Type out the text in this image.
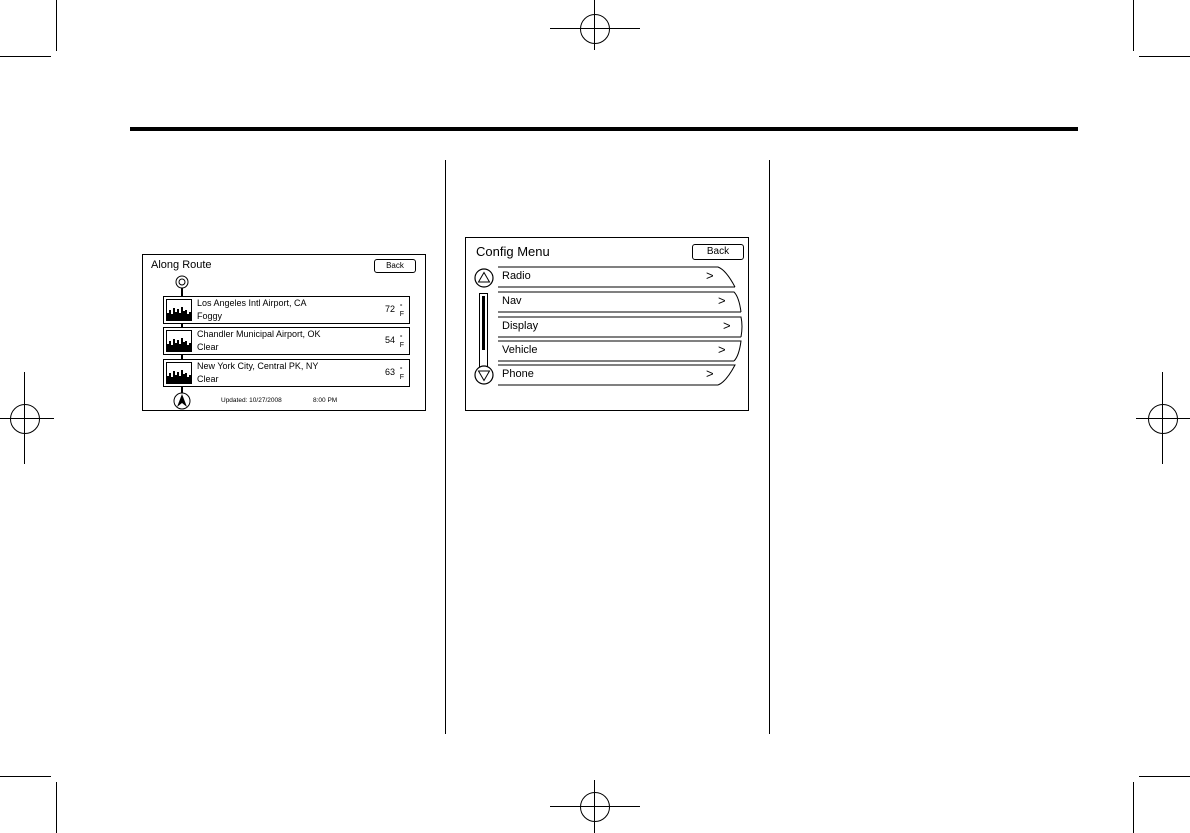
Along Route	Back
Los Angeles Intl Airport, CA
Foggy
72 °
F
Chandler Municipal Airport, OK
Clear
54 °
F
New York City, Central PK, NY
Clear
63 °
F
Updated: 10/27/2008	8:00 PM
Config Menu	Back
Radio	>
Nav	>
Display	>
Vehicle	>
Phone	>
